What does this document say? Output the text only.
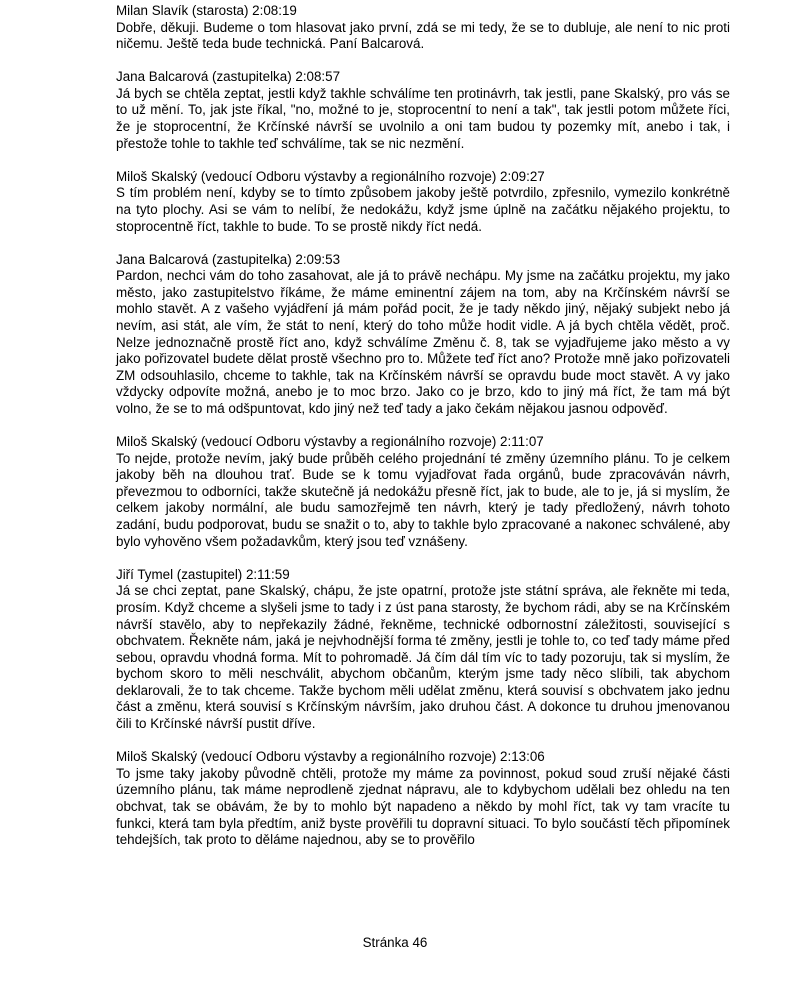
Milan Slavík (starosta) 2:08:19
Dobře, děkuji. Budeme o tom hlasovat jako první, zdá se mi tedy, že se to dubluje, ale není to nic proti ničemu. Ještě teda bude technická. Paní Balcarová.
Jana Balcarová (zastupitelka) 2:08:57
Já bych se chtěla zeptat, jestli když takhle schválíme ten protinávrh, tak jestli, pane Skalský, pro vás se to už mění. To, jak jste říkal, "no, možné to je, stoprocentní to není a tak", tak jestli potom můžete říci, že je stoprocentní, že Krčínské návrší se uvolnilo a oni tam budou ty pozemky mít, anebo i tak, i přestože tohle to takhle teď schválíme, tak se nic nezmění.
Miloš Skalský (vedoucí Odboru výstavby a regionálního rozvoje) 2:09:27
S tím problém není, kdyby se to tímto způsobem jakoby ještě potvrdilo, zpřesnilo, vymezilo konkrétně na tyto plochy. Asi se vám to nelíbí, že nedokážu, když jsme úplně na začátku nějakého projektu, to stoprocentně říct, takhle to bude. To se prostě nikdy říct nedá.
Jana Balcarová (zastupitelka) 2:09:53
Pardon, nechci vám do toho zasahovat, ale já to právě nechápu. My jsme na začátku projektu, my jako město, jako zastupitelstvo říkáme, že máme eminentní zájem na tom, aby na Krčínském návrší se mohlo stavět. A z vašeho vyjádření já mám pořád pocit, že je tady někdo jiný, nějaký subjekt nebo já nevím, asi stát, ale vím, že stát to není, který do toho může hodit vidle. A já bych chtěla vědět, proč. Nelze jednoznačně prostě říct ano, když schválíme Změnu č. 8, tak se vyjadřujeme jako město a vy jako pořizovatel budete dělat prostě všechno pro to. Můžete teď říct ano? Protože mně jako pořizovateli ZM odsouhlasilo, chceme to takhle, tak na Krčínském návrší se opravdu bude moct stavět. A vy jako vždycky odpovíte možná, anebo je to moc brzo. Jako co je brzo, kdo to jiný má říct, že tam má být volno, že se to má odšpuntovat, kdo jiný než teď tady a jako čekám nějakou jasnou odpověď.
Miloš Skalský (vedoucí Odboru výstavby a regionálního rozvoje) 2:11:07
To nejde, protože nevím, jaký bude průběh celého projednání té změny územního plánu. To je celkem jakoby běh na dlouhou trať. Bude se k tomu vyjadřovat řada orgánů, bude zpracováván návrh, převezmou to odborníci, takže skutečně já nedokážu přesně říct, jak to bude, ale to je, já si myslím, že celkem jakoby normální, ale budu samozřejmě ten návrh, který je tady předložený, návrh tohoto zadání, budu podporovat, budu se snažit o to, aby to takhle bylo zpracované a nakonec schválené, aby bylo vyhověno všem požadavkům, který jsou teď vznášeny.
Jiří Tymel (zastupitel) 2:11:59
Já se chci zeptat, pane Skalský, chápu, že jste opatrní, protože jste státní správa, ale řekněte mi teda, prosím. Když chceme a slyšeli jsme to tady i z úst pana starosty, že bychom rádi, aby se na Krčínském návrší stavělo, aby to nepřekazily žádné, řekněme, technické odbornostní záležitosti, související s obchvatem. Řekněte nám, jaká je nejvhodnější forma té změny, jestli je tohle to, co teď tady máme před sebou, opravdu vhodná forma. Mít to pohromadě. Já čím dál tím víc to tady pozoruju, tak si myslím, že bychom skoro to měli neschválit, abychom občanům, kterým jsme tady něco slíbili, tak abychom deklarovali, že to tak chceme. Takže bychom měli udělat změnu, která souvisí s obchvatem jako jednu část a změnu, která souvisí s Krčínským návrším, jako druhou část. A dokonce tu druhou jmenovanou čili to Krčínské návrší pustit dříve.
Miloš Skalský (vedoucí Odboru výstavby a regionálního rozvoje) 2:13:06
To jsme taky jakoby původně chtěli, protože my máme za povinnost, pokud soud zruší nějaké části územního plánu, tak máme neprodleně zjednat nápravu, ale to kdybychom udělali bez ohledu na ten obchvat, tak se obávám, že by to mohlo být napadeno a někdo by mohl říct, tak vy tam vracíte tu funkci, která tam byla předtím, aniž byste prověřili tu dopravní situaci. To bylo součástí těch připomínek tehdejších, tak proto to děláme najednou, aby se to prověřilo
Stránka 46
